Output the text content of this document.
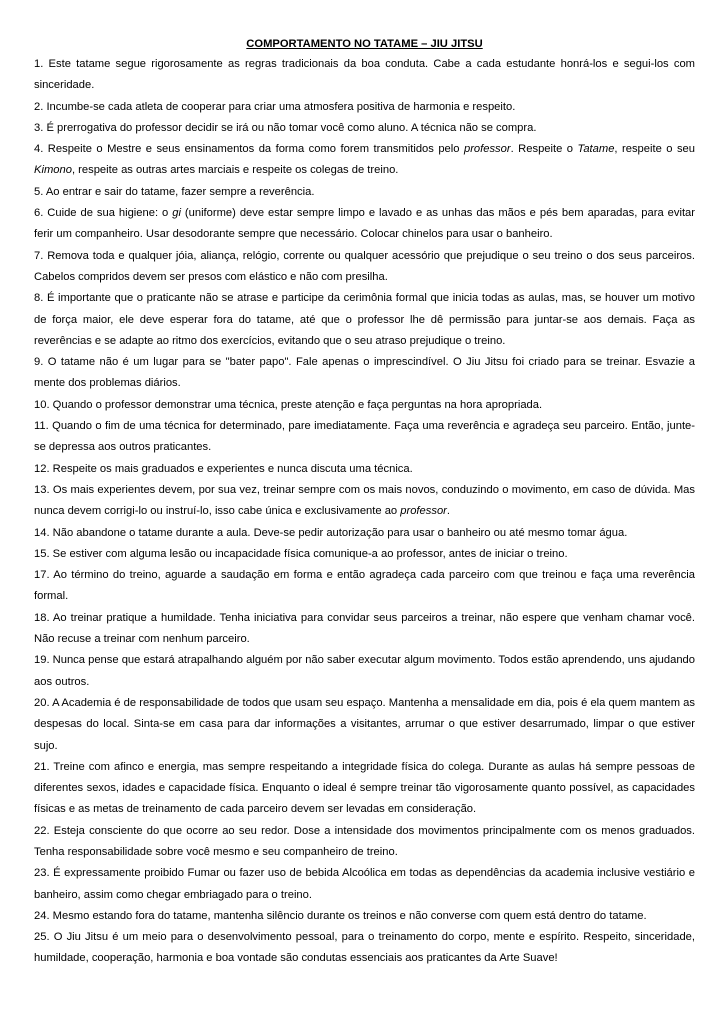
COMPORTAMENTO NO TATAME – JIU JITSU

1. Este tatame segue rigorosamente as regras tradicionais da boa conduta. Cabe a cada estudante honrá-los e segui-los com sinceridade.

2. Incumbe-se cada atleta de cooperar para criar uma atmosfera positiva de harmonia e respeito.

3. É prerrogativa do professor decidir se irá ou não tomar você como aluno. A técnica não se compra.

4. Respeite o Mestre e seus ensinamentos da forma como forem transmitidos pelo professor. Respeite o Tatame, respeite o seu Kimono, respeite as outras artes marciais e respeite os colegas de treino.

5. Ao entrar e sair do tatame, fazer sempre a reverência.

6. Cuide de sua higiene: o gi (uniforme) deve estar sempre limpo e lavado e as unhas das mãos e pés bem aparadas, para evitar ferir um companheiro. Usar desodorante sempre que necessário. Colocar chinelos para usar o banheiro.

7. Remova toda e qualquer jóia, aliança, relógio, corrente ou qualquer acessório que prejudique o seu treino o dos seus parceiros. Cabelos compridos devem ser presos com elástico e não com presilha.

8. É importante que o praticante não se atrase e participe da cerimônia formal que inicia todas as aulas, mas, se houver um motivo de força maior, ele deve esperar fora do tatame, até que o professor lhe dê permissão para juntar-se aos demais. Faça as reverências e se adapte ao ritmo dos exercícios, evitando que o seu atraso prejudique o treino.

9. O tatame não é um lugar para se "bater papo". Fale apenas o imprescindível. O Jiu Jitsu foi criado para se treinar. Esvazie a mente dos problemas diários.

10. Quando o professor demonstrar uma técnica, preste atenção e faça perguntas na hora apropriada.

11. Quando o fim de uma técnica for determinado, pare imediatamente. Faça uma reverência e agradeça seu parceiro. Então, junte-se depressa aos outros praticantes.

12. Respeite os mais graduados e experientes e nunca discuta uma técnica.

13. Os mais experientes devem, por sua vez, treinar sempre com os mais novos, conduzindo o movimento, em caso de dúvida. Mas nunca devem corrigi-lo ou instruí-lo, isso cabe única e exclusivamente ao professor.

14. Não abandone o tatame durante a aula. Deve-se pedir autorização para usar o banheiro ou até mesmo tomar água.

15. Se estiver com alguma lesão ou incapacidade física comunique-a ao professor, antes de iniciar o treino.

17. Ao término do treino, aguarde a saudação em forma e então agradeça cada parceiro com que treinou e faça uma reverência formal.

18. Ao treinar pratique a humildade. Tenha iniciativa para convidar seus parceiros a treinar, não espere que venham chamar você. Não recuse a treinar com nenhum parceiro.

19. Nunca pense que estará atrapalhando alguém por não saber executar algum movimento. Todos estão aprendendo, uns ajudando aos outros.

20. A Academia é de responsabilidade de todos que usam seu espaço. Mantenha a mensalidade em dia, pois é ela quem mantem as despesas do local. Sinta-se em casa para dar informações a visitantes, arrumar o que estiver desarrumado, limpar o que estiver sujo.

21. Treine com afinco e energia, mas sempre respeitando a integridade física do colega. Durante as aulas há sempre pessoas de diferentes sexos, idades e capacidade física. Enquanto o ideal é sempre treinar tão vigorosamente quanto possível, as capacidades físicas e as metas de treinamento de cada parceiro devem ser levadas em consideração.

22. Esteja consciente do que ocorre ao seu redor. Dose a intensidade dos movimentos principalmente com os menos graduados. Tenha responsabilidade sobre você mesmo e seu companheiro de treino.

23. É expressamente proibido Fumar ou fazer uso de bebida Alcoólica em todas as dependências da academia inclusive vestiário e banheiro, assim como chegar embriagado para o treino.

24. Mesmo estando fora do tatame, mantenha silêncio durante os treinos e não converse com quem está dentro do tatame.

25. O Jiu Jitsu é um meio para o desenvolvimento pessoal, para o treinamento do corpo, mente e espírito. Respeito, sinceridade, humildade, cooperação, harmonia e boa vontade são condutas essenciais aos praticantes da Arte Suave!
